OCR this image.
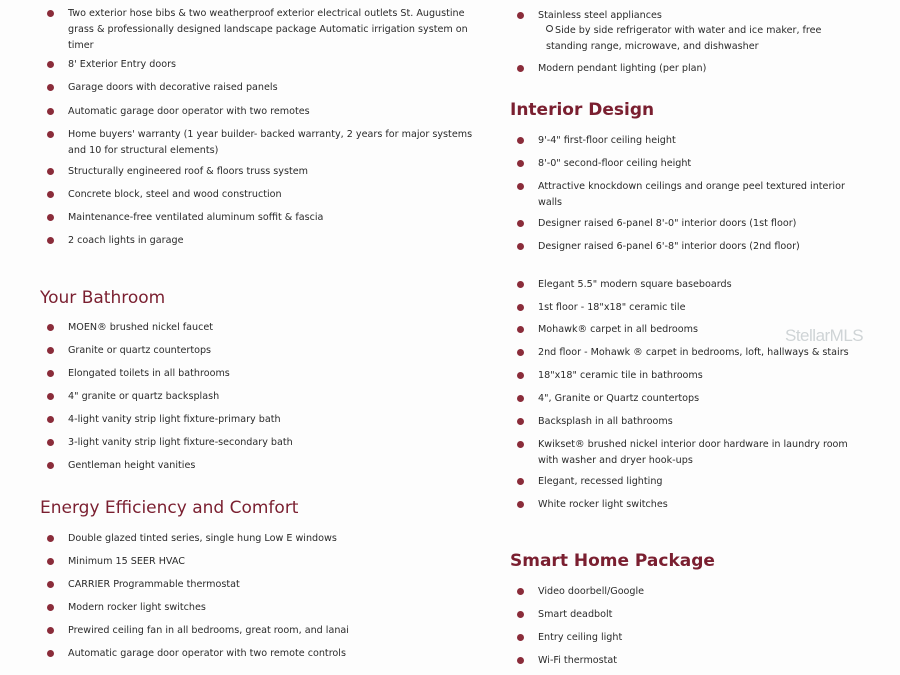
Two exterior hose bibs & two weatherproof exterior electrical outlets St. Augustine grass & professionally designed landscape package Automatic irrigation system on timer
8' Exterior Entry doors
Garage doors with decorative raised panels
Automatic garage door operator with two remotes
Home buyers' warranty (1 year builder- backed warranty, 2 years for major systems and 10 for structural elements)
Structurally engineered roof & floors truss system
Concrete block, steel and wood construction
Maintenance-free ventilated aluminum soffit & fascia
2 coach lights in garage
Your Bathroom
MOEN® brushed nickel faucet
Granite or quartz countertops
Elongated toilets in all bathrooms
4" granite or quartz backsplash
4-light vanity strip light fixture-primary bath
3-light vanity strip light fixture-secondary bath
Gentleman height vanities
Energy Efficiency and Comfort
Double glazed tinted series, single hung Low E windows
Minimum 15 SEER HVAC
CARRIER Programmable thermostat
Modern rocker light switches
Prewired ceiling fan in all bedrooms, great room, and lanai
Automatic garage door operator with two remote controls
Stainless steel appliances
Side by side refrigerator with water and ice maker, free standing range, microwave, and dishwasher
Modern pendant lighting (per plan)
Interior Design
9'-4" first-floor ceiling height
8'-0" second-floor ceiling height
Attractive knockdown ceilings and orange peel textured interior walls
Designer raised 6-panel 8'-0" interior doors (1st floor)
Designer raised 6-panel 6'-8" interior doors (2nd floor)
Elegant 5.5" modern square baseboards
1st floor - 18"x18" ceramic tile
Mohawk® carpet in all bedrooms
2nd floor - Mohawk ® carpet in bedrooms, loft, hallways & stairs
18"x18" ceramic tile in bathrooms
4", Granite or Quartz countertops
Backsplash in all bathrooms
Kwikset® brushed nickel interior door hardware in laundry room with washer and dryer hook-ups
Elegant, recessed lighting
White rocker light switches
Smart Home Package
Video doorbell/Google
Smart deadbolt
Entry ceiling light
Wi-Fi thermostat
StellarMLS
